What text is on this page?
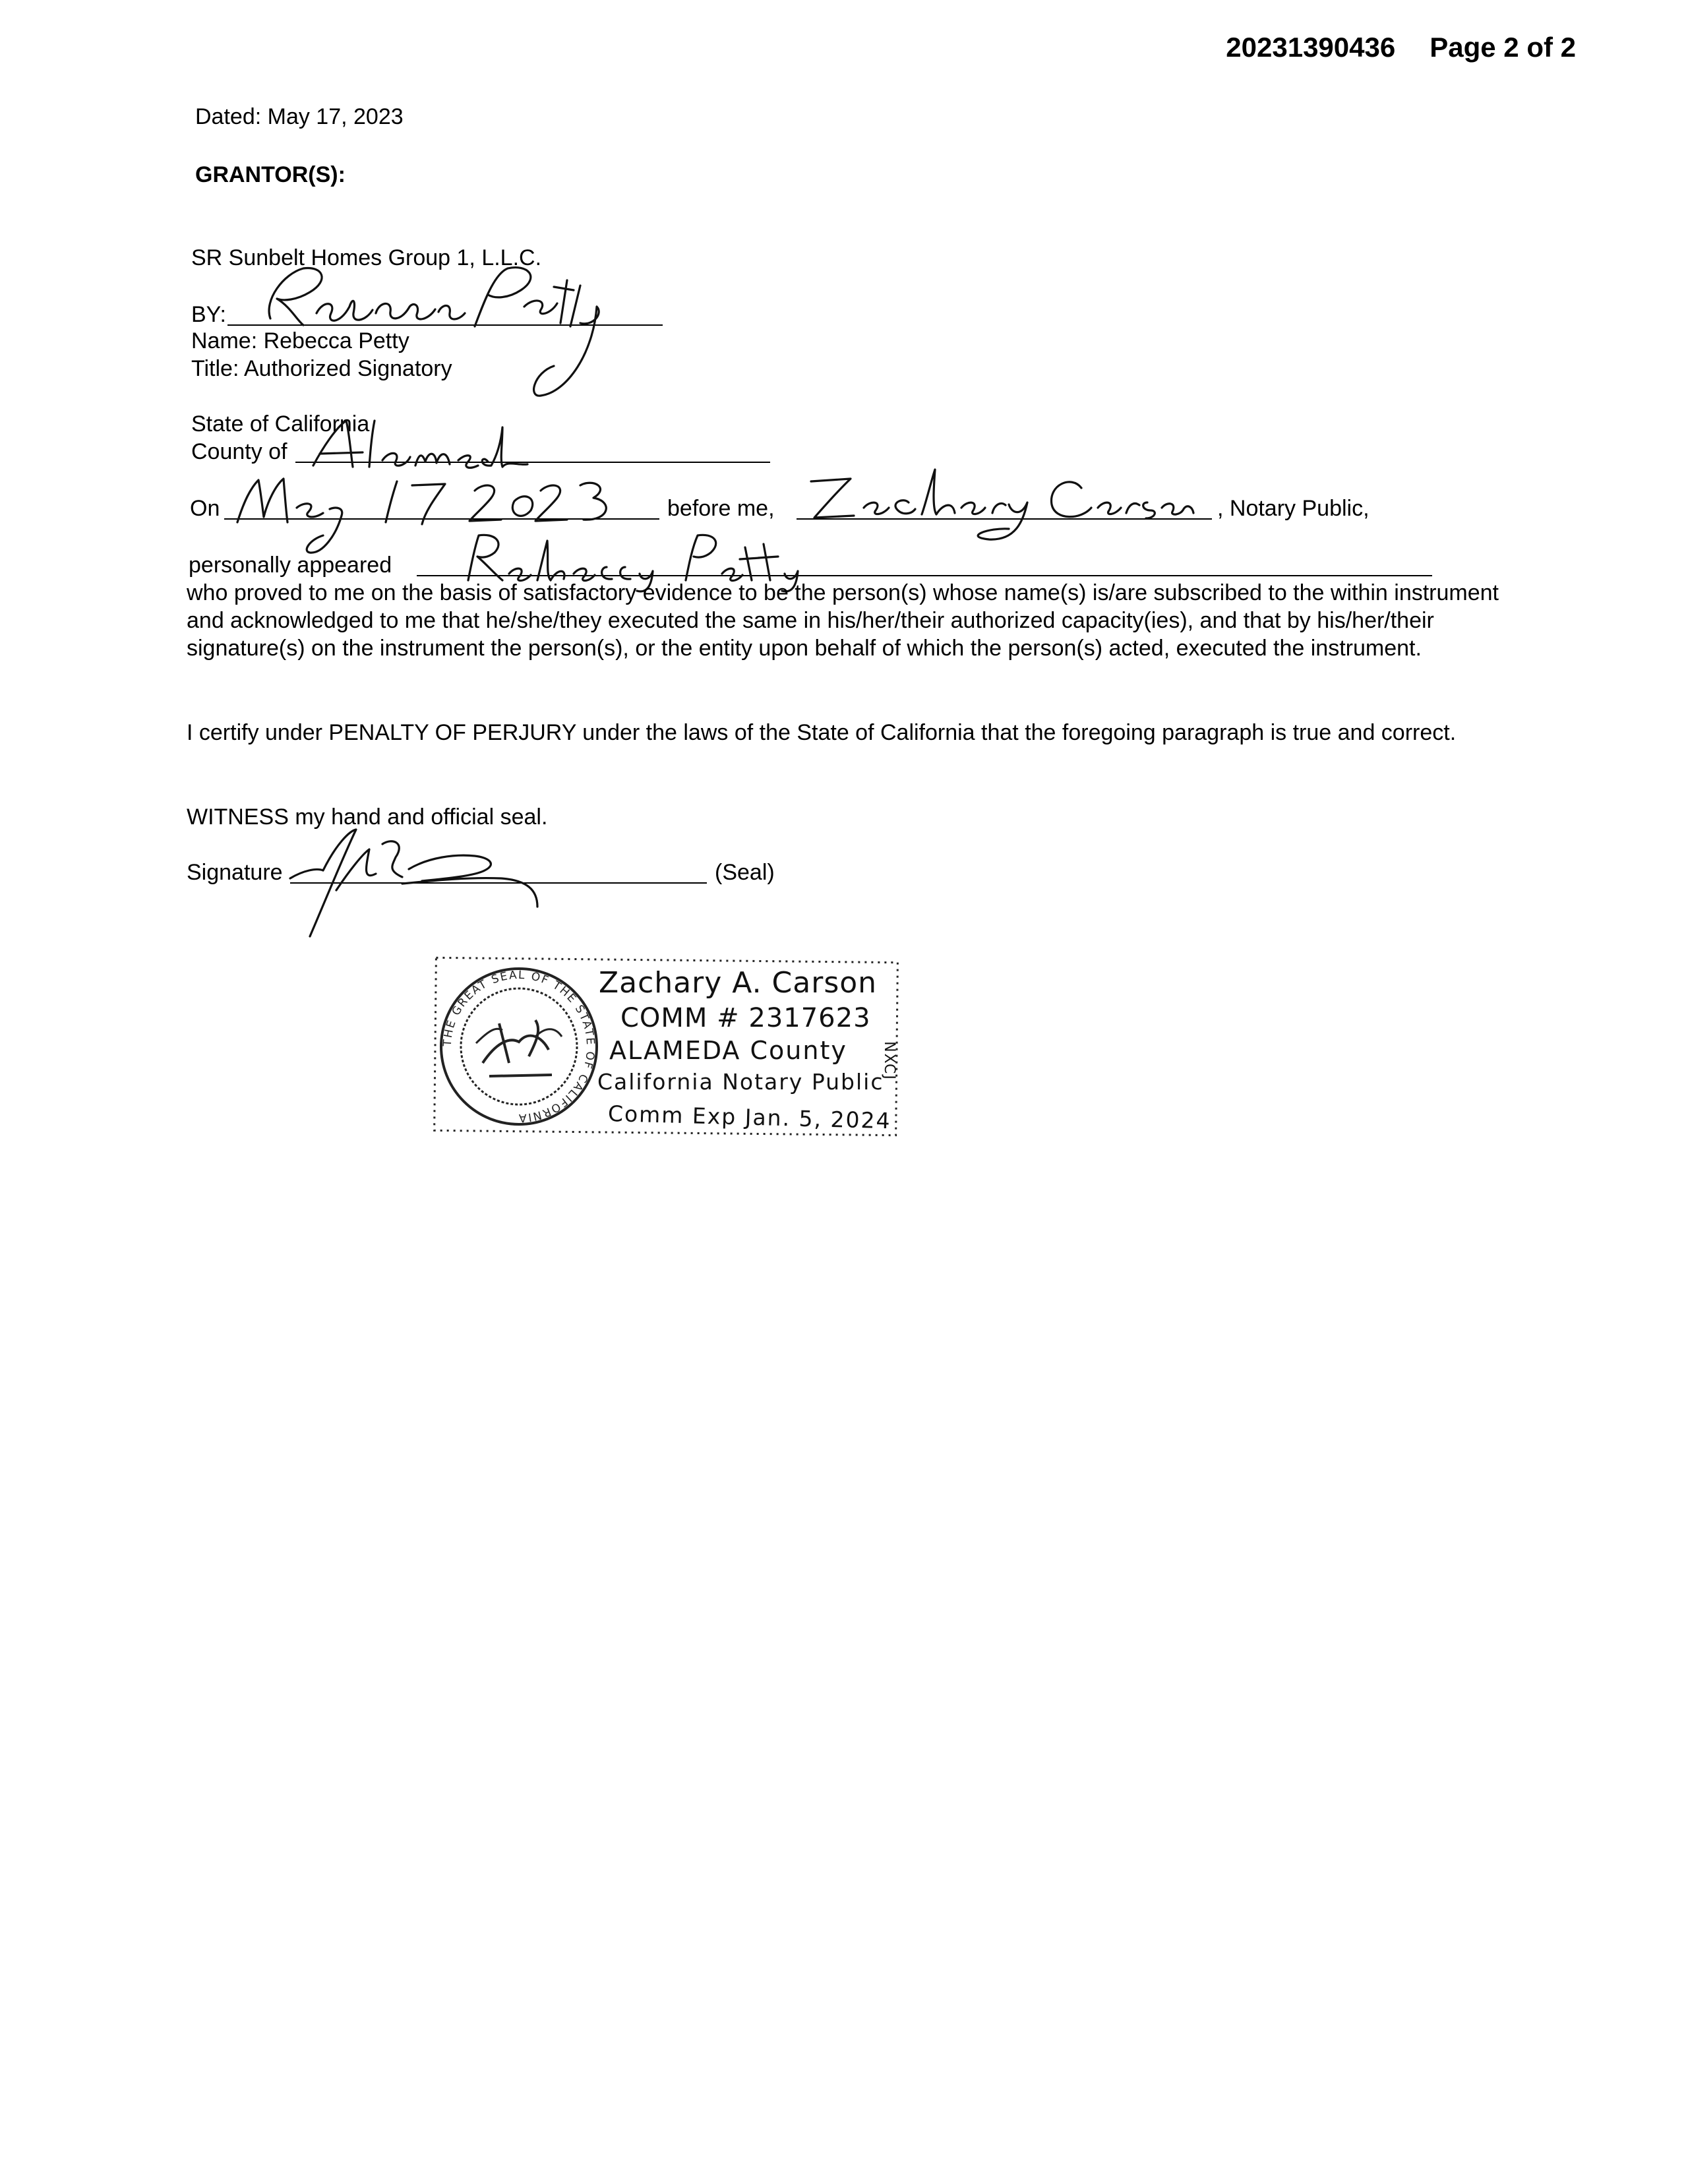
20231390436 Page 2 of 2
Dated: May 17, 2023
GRANTOR(S):
SR Sunbelt Homes Group 1, L.L.C.
BY:
Name: Rebecca Petty
Title: Authorized Signatory
State of California
County of
On	before me,	, Notary Public,
personally appeared
who proved to me on the basis of satisfactory evidence to be the person(s) whose name(s) is/are subscribed to the within instrument and acknowledged to me that he/she/they executed the same in his/her/their authorized capacity(ies), and that by his/her/their signature(s) on the instrument the person(s), or the entity upon behalf of which the person(s) acted, executed the instrument.
I certify under PENALTY OF PERJURY under the laws of the State of California that the foregoing paragraph is true and correct.
WITNESS my hand and official seal.
Signature	(Seal)
THE GREAT SEAL OF THE STATE OF CALIFORNIA
Zachary A. Carson
COMM # 2317623
ALAMEDA County
California Notary Public
Comm Exp Jan. 5, 2024
NXCJ
